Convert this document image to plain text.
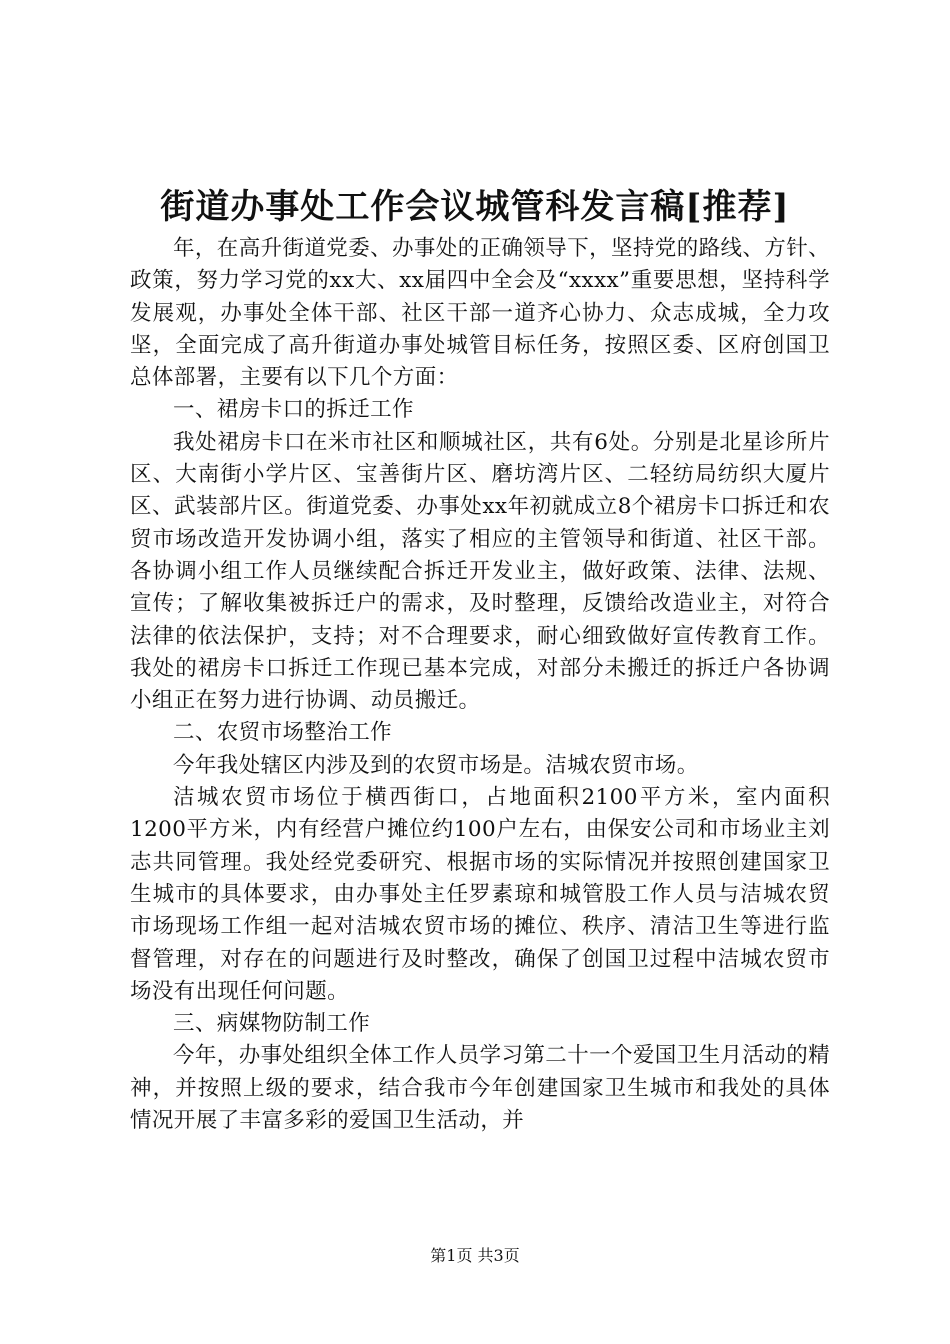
街道办事处工作会议城管科发言稿[推荐]

年，在高升街道党委、办事处的正确领导下，坚持党的路线、方针、政策，努力学习党的xx大、xx届四中全会及“xxxx”重要思想，坚持科学发展观，办事处全体干部、社区干部一道齐心协力、众志成城，全力攻坚，全面完成了高升街道办事处城管目标任务，按照区委、区府创国卫总体部署，主要有以下几个方面：

一、裙房卡口的拆迁工作

我处裙房卡口在米市社区和顺城社区，共有6处。分别是北星诊所片区、大南街小学片区、宝善街片区、磨坊湾片区、二轻纺局纺织大厦片区、武装部片区。街道党委、办事处xx年初就成立8个裙房卡口拆迁和农贸市场改造开发协调小组，落实了相应的主管领导和街道、社区干部。各协调小组工作人员继续配合拆迁开发业主，做好政策、法律、法规、宣传；了解收集被拆迁户的需求，及时整理，反馈给改造业主，对符合法律的依法保护，支持；对不合理要求，耐心细致做好宣传教育工作。我处的裙房卡口拆迁工作现已基本完成，对部分未搬迁的拆迁户各协调小组正在努力进行协调、动员搬迁。

二、农贸市场整治工作

今年我处辖区内涉及到的农贸市场是。洁城农贸市场。

洁城农贸市场位于横西街口，占地面积2100平方米，室内面积1200平方米，内有经营户摊位约100户左右，由保安公司和市场业主刘志共同管理。我处经党委研究、根据市场的实际情况并按照创建国家卫生城市的具体要求，由办事处主任罗素琼和城管股工作人员与洁城农贸市场现场工作组一起对洁城农贸市场的摊位、秩序、清洁卫生等进行监督管理，对存在的问题进行及时整改，确保了创国卫过程中洁城农贸市场没有出现任何问题。

三、病媒物防制工作

今年，办事处组织全体工作人员学习第二十一个爱国卫生月活动的精神，并按照上级的要求，结合我市今年创建国家卫生城市和我处的具体情况开展了丰富多彩的爱国卫生活动，并

第1页 共3页
